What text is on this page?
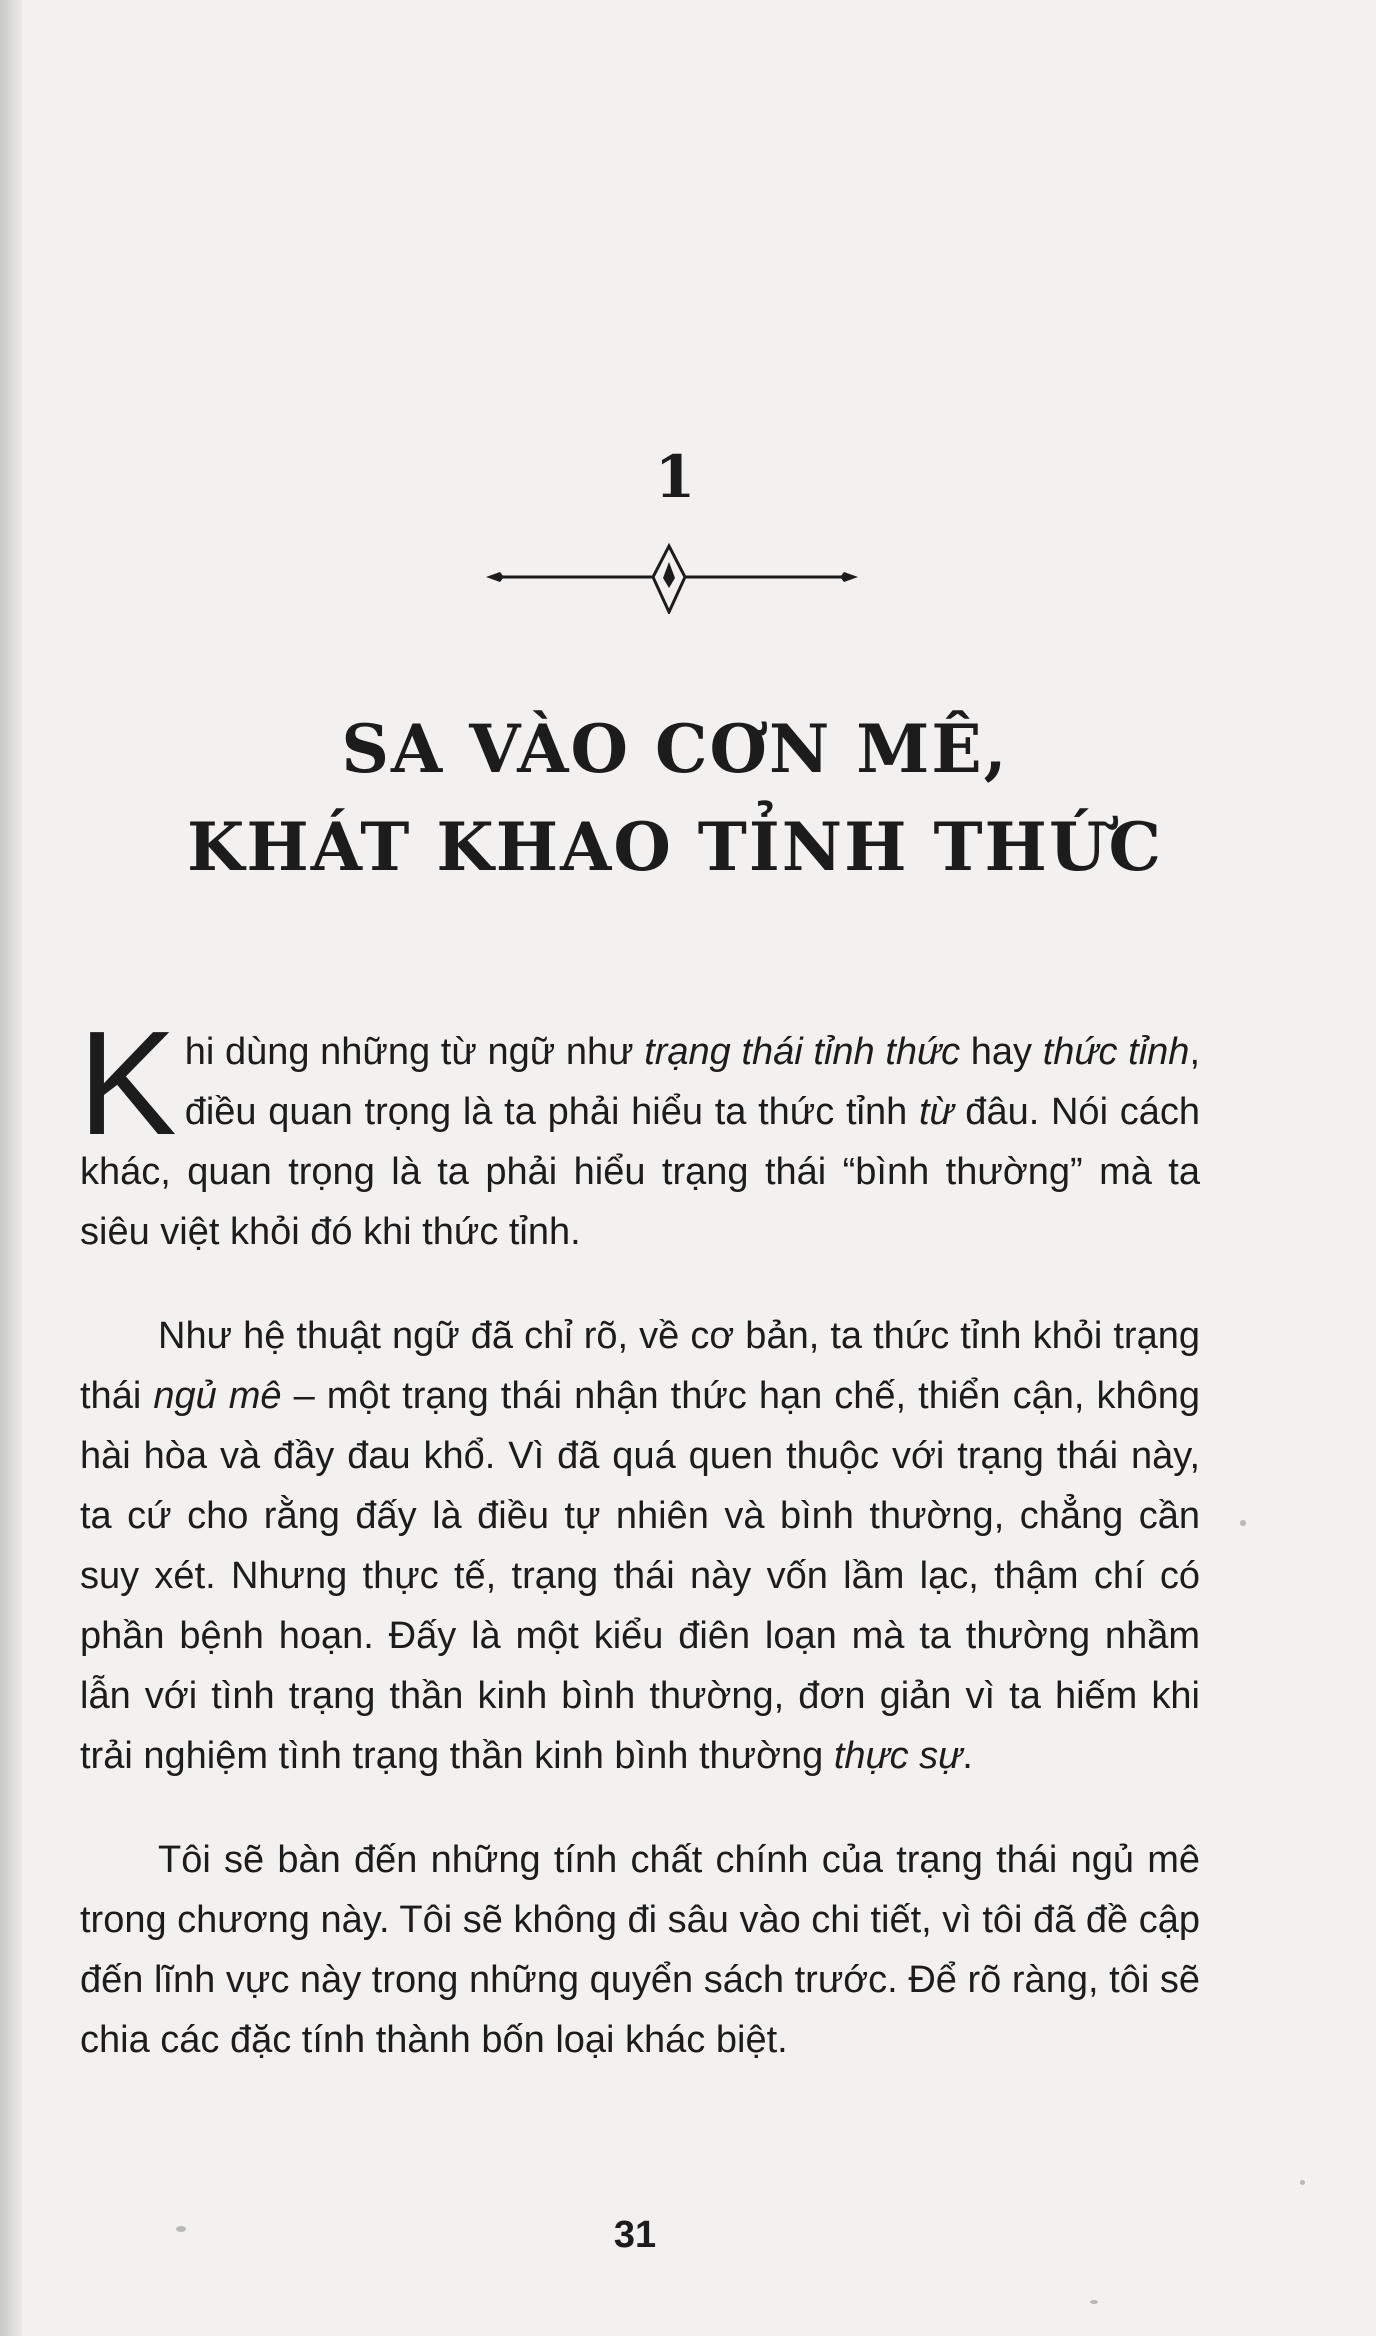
1
SA VÀO CƠN MÊ,
KHÁT KHAO TỈNH THỨC

Khi dùng những từ ngữ như trạng thái tỉnh thức hay thức tỉnh, điều quan trọng là ta phải hiểu ta thức tỉnh từ đâu. Nói cách khác, quan trọng là ta phải hiểu trạng thái “bình thường” mà ta siêu việt khỏi đó khi thức tỉnh.

Như hệ thuật ngữ đã chỉ rõ, về cơ bản, ta thức tỉnh khỏi trạng thái ngủ mê – một trạng thái nhận thức hạn chế, thiển cận, không hài hòa và đầy đau khổ. Vì đã quá quen thuộc với trạng thái này, ta cứ cho rằng đấy là điều tự nhiên và bình thường, chẳng cần suy xét. Nhưng thực tế, trạng thái này vốn lầm lạc, thậm chí có phần bệnh hoạn. Đấy là một kiểu điên loạn mà ta thường nhầm lẫn với tình trạng thần kinh bình thường, đơn giản vì ta hiếm khi trải nghiệm tình trạng thần kinh bình thường thực sự.

Tôi sẽ bàn đến những tính chất chính của trạng thái ngủ mê trong chương này. Tôi sẽ không đi sâu vào chi tiết, vì tôi đã đề cập đến lĩnh vực này trong những quyển sách trước. Để rõ ràng, tôi sẽ chia các đặc tính thành bốn loại khác biệt.

31
